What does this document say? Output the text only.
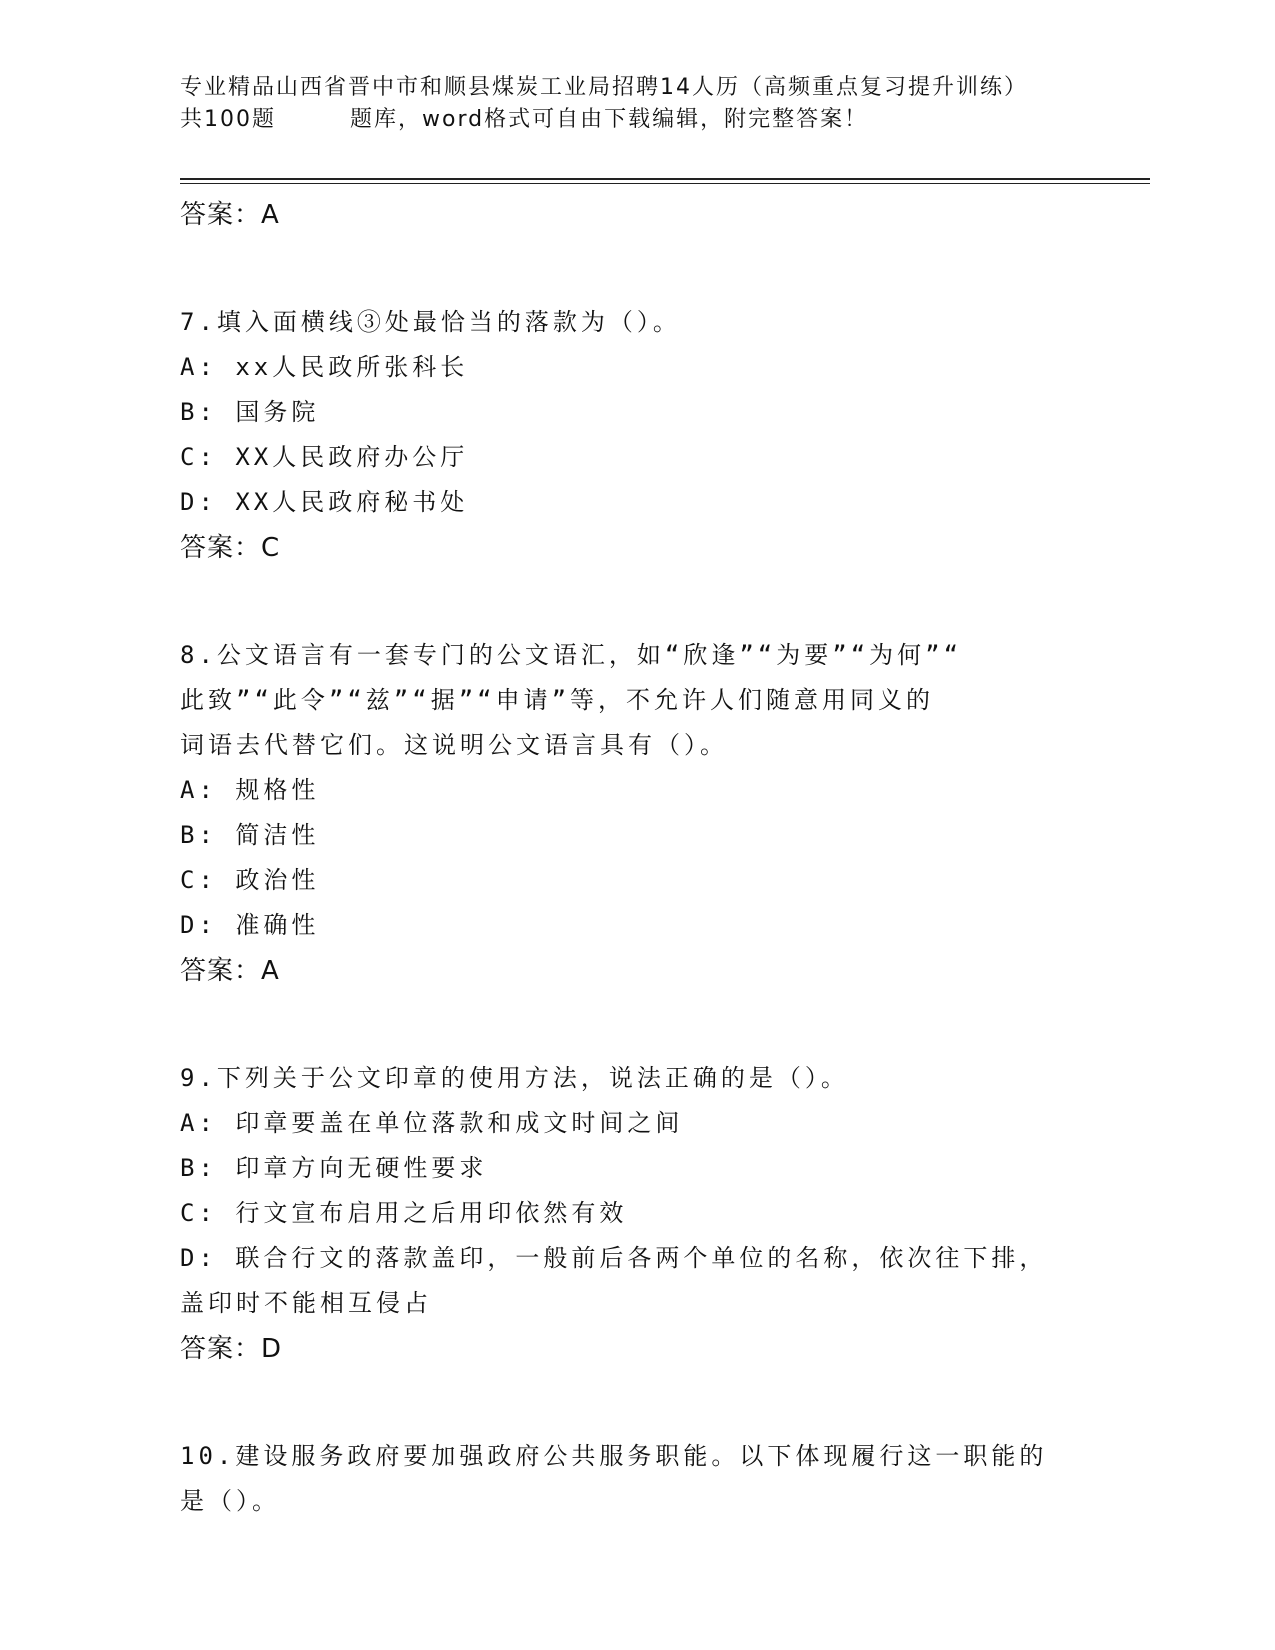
专业精品山西省晋中市和顺县煤炭工业局招聘14人历（高频重点复习提升训练）
共100题	题库，word格式可自由下载编辑，附完整答案！
答案：A
7.填入面横线③处最恰当的落款为（）。
A: xx人民政所张科长
B: 国务院
C: XX人民政府办公厅
D: XX人民政府秘书处
答案：C
8.公文语言有一套专门的公文语汇，如“欣逢”“为要”“为何”“
此致”“此令”“兹”“据”“申请”等，不允许人们随意用同义的
词语去代替它们。这说明公文语言具有（）。
A: 规格性
B: 简洁性
C: 政治性
D: 准确性
答案：A
9.下列关于公文印章的使用方法，说法正确的是（）。
A: 印章要盖在单位落款和成文时间之间
B: 印章方向无硬性要求
C: 行文宣布启用之后用印依然有效
D: 联合行文的落款盖印，一般前后各两个单位的名称，依次往下排，
盖印时不能相互侵占
答案：D
10.建设服务政府要加强政府公共服务职能。以下体现履行这一职能的
是（）。
